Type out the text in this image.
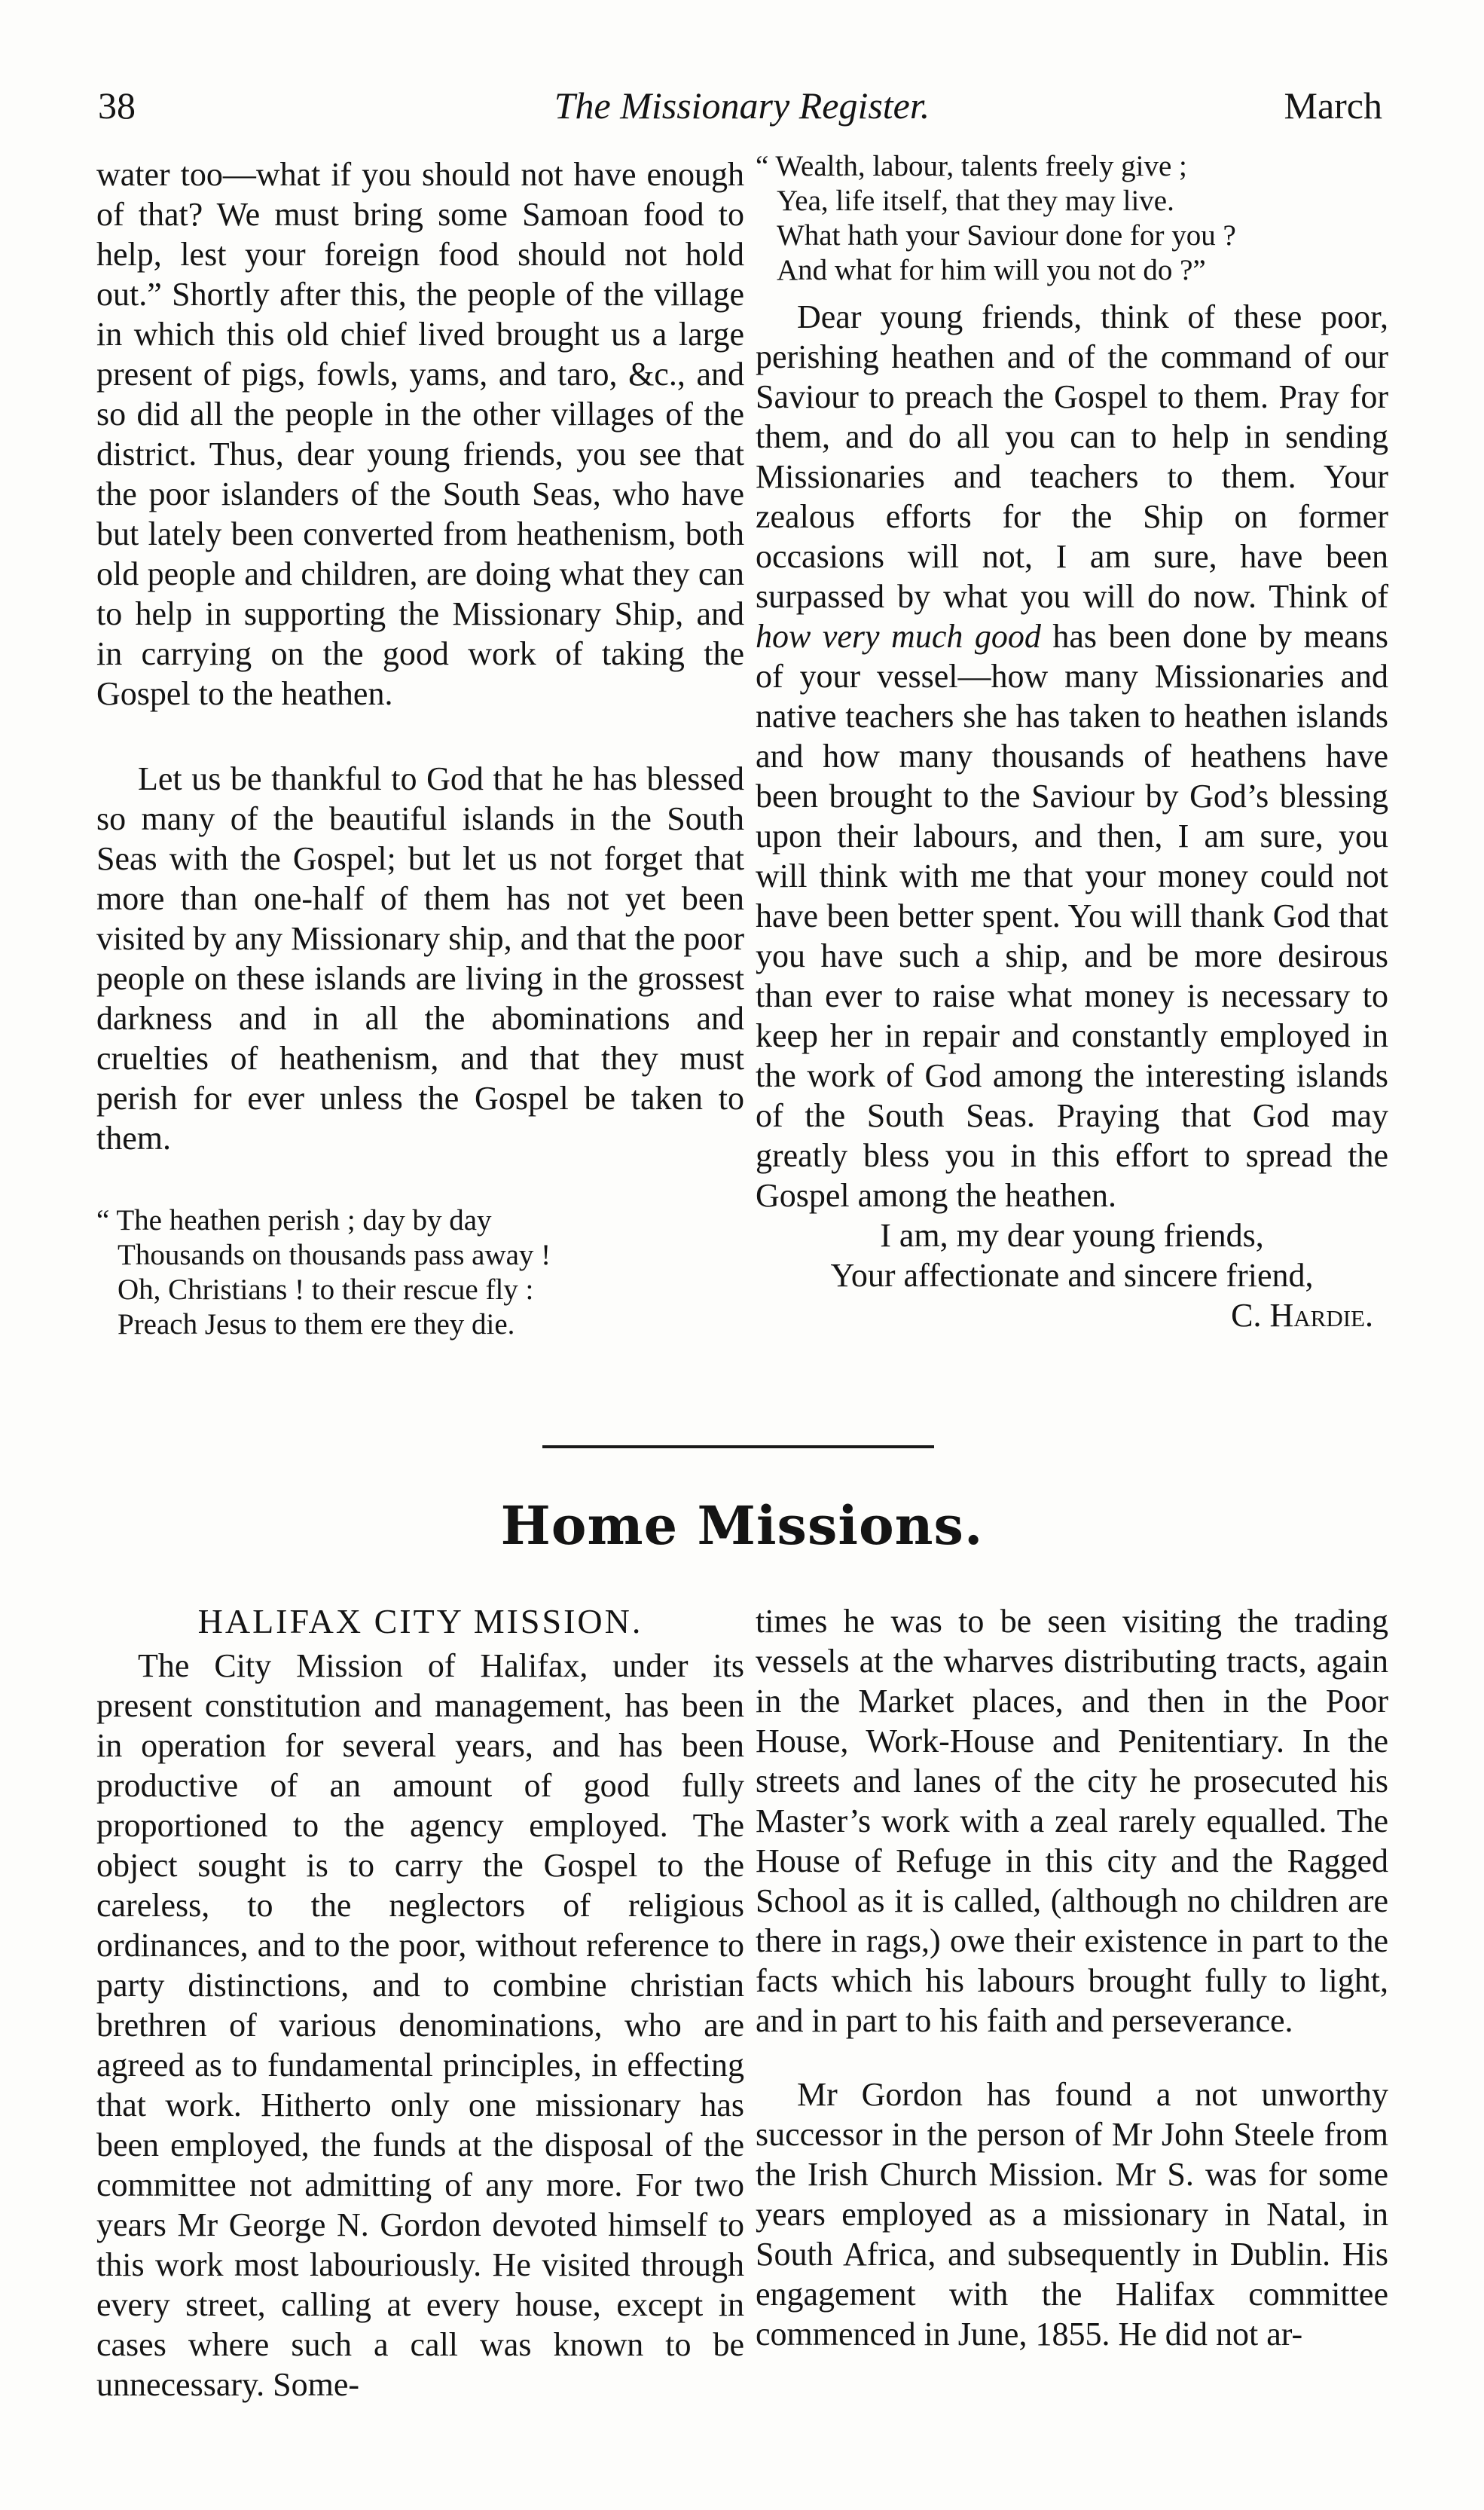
The Missionary Register.
38	March

water too—what if you should not have enough of that? We must bring some Samoan food to help, lest your foreign food should not hold out.” Shortly after this, the people of the village in which this old chief lived brought us a large present of pigs, fowls, yams, and taro, &c., and so did all the people in the other villages of the district. Thus, dear young friends, you see that the poor islanders of the South Seas, who have but lately been converted from heathenism, both old people and children, are doing what they can to help in supporting the Missionary Ship, and in carrying on the good work of taking the Gospel to the heathen.

Let us be thankful to God that he has blessed so many of the beautiful islands in the South Seas with the Gospel; but let us not forget that more than one-half of them has not yet been visited by any Missionary ship, and that the poor people on these islands are living in the grossest darkness and in all the abominations and cruelties of heathenism, and that they must perish for ever unless the Gospel be taken to them.

“ The heathen perish ; day by day
Thousands on thousands pass away !
Oh, Christians ! to their rescue fly :
Preach Jesus to them ere they die.
“ Wealth, labour, talents freely give ;
Yea, life itself, that they may live.
What hath your Saviour done for you ?
And what for him will you not do ?”

Dear young friends, think of these poor, perishing heathen and of the command of our Saviour to preach the Gospel to them. Pray for them, and do all you can to help in sending Missionaries and teachers to them. Your zealous efforts for the Ship on former occasions will not, I am sure, have been surpassed by what you will do now. Think of how very much good has been done by means of your vessel—how many Missionaries and native teachers she has taken to heathen islands and how many thousands of heathens have been brought to the Saviour by God’s blessing upon their labours, and then, I am sure, you will think with me that your money could not have been better spent. You will thank God that you have such a ship, and be more desirous than ever to raise what money is necessary to keep her in repair and constantly employed in the work of God among the interesting islands of the South Seas. Praying that God may greatly bless you in this effort to spread the Gospel among the heathen.

I am, my dear young friends,

Your affectionate and sincere friend,

C. Hardie.

Home Missions.
HALIFAX CITY MISSION.

The City Mission of Halifax, under its present constitution and management, has been in operation for several years, and has been productive of an amount of good fully proportioned to the agency employed. The object sought is to carry the Gospel to the careless, to the neglectors of religious ordinances, and to the poor, without reference to party distinctions, and to combine christian brethren of various denominations, who are agreed as to fundamental principles, in effecting that work. Hitherto only one missionary has been employed, the funds at the disposal of the committee not admitting of any more. For two years Mr George N. Gordon devoted himself to this work most labouriously. He visited through every street, calling at every house, except in cases where such a call was known to be unnecessary. Some-

times he was to be seen visiting the trading vessels at the wharves distributing tracts, again in the Market places, and then in the Poor House, Work-House and Penitentiary. In the streets and lanes of the city he prosecuted his Master’s work with a zeal rarely equalled. The House of Refuge in this city and the Ragged School as it is called, (although no children are there in rags,) owe their existence in part to the facts which his labours brought fully to light, and in part to his faith and perseverance.

Mr Gordon has found a not unworthy successor in the person of Mr John Steele from the Irish Church Mission. Mr S. was for some years employed as a missionary in Natal, in South Africa, and subsequently in Dublin. His engagement with the Halifax committee commenced in June, 1855. He did not ar-
